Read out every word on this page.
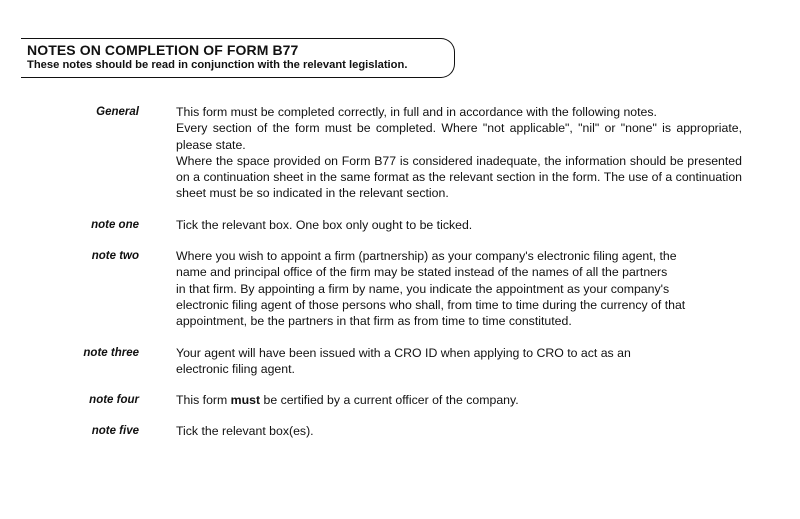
NOTES ON COMPLETION OF FORM B77
These notes should be read in conjunction with the relevant legislation.
General	This form must be completed correctly, in full and in accordance with the following notes.

Every section of the form must be completed. Where "not applicable", "nil" or "none" is appropriate, please state.

Where the space provided on Form B77 is considered inadequate, the information should be presented on a continuation sheet in the same format as the relevant section in the form. The use of a continuation sheet must be so indicated in the relevant section.

note one	Tick the relevant box. One box only ought to be ticked.

note two	Where you wish to appoint a firm (partnership) as your company's electronic filing agent, the

name and principal office of the firm may be stated instead of the names of all the partners

in that firm. By appointing a firm by name, you indicate the appointment as your company's

electronic filing agent of those persons who shall, from time to time during the currency of that

appointment, be the partners in that firm as from time to time constituted.

note three	Your agent will have been issued with a CRO ID when applying to CRO to act as an

electronic filing agent.

note four	This form must be certified by a current officer of the company.

note five	Tick the relevant box(es).
